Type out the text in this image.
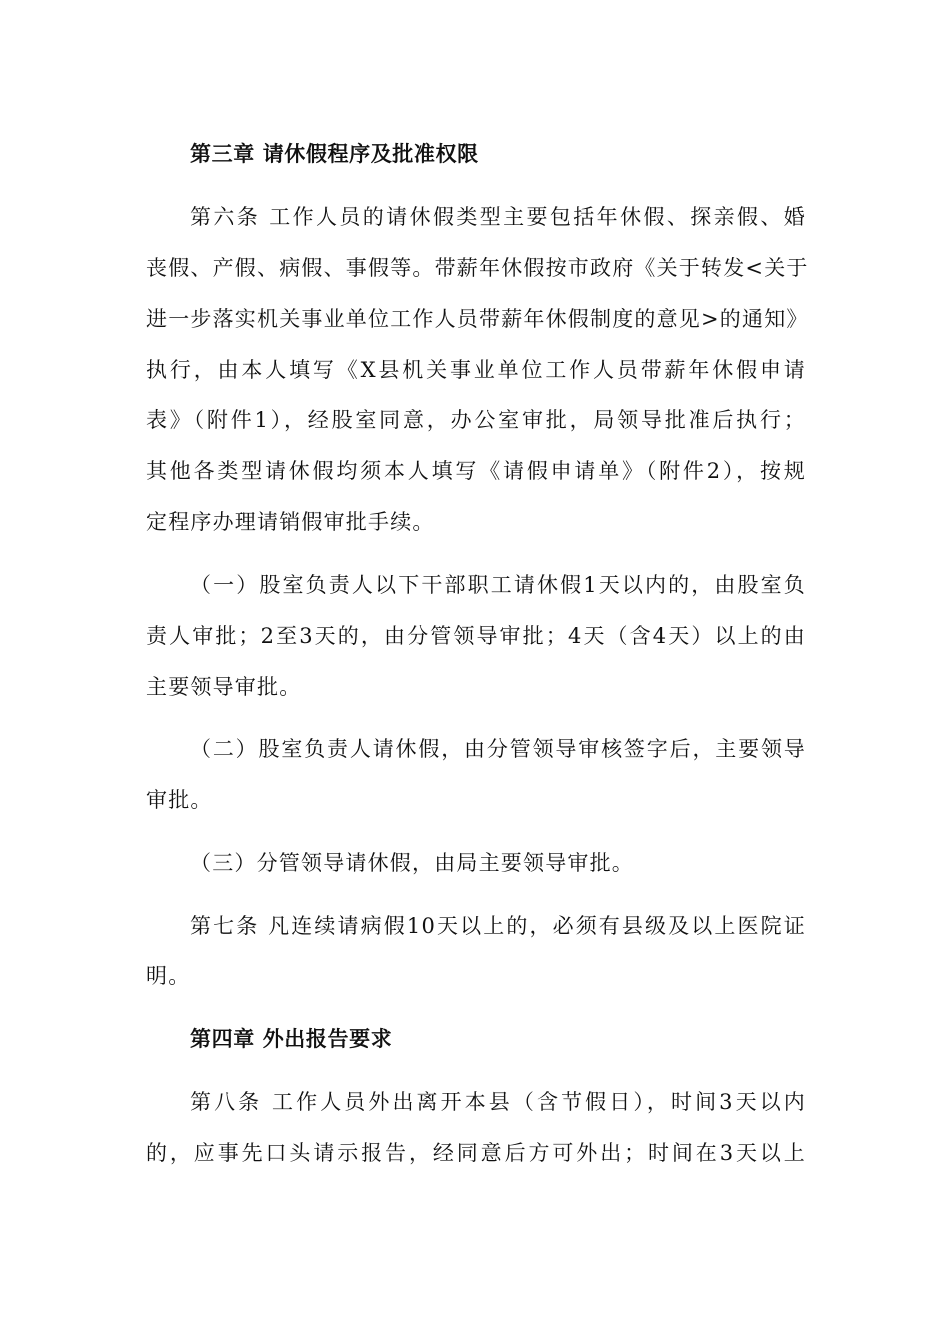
第三章 请休假程序及批准权限
第六条 工作人员的请休假类型主要包括年休假、探亲假、婚
丧假、产假、病假、事假等。带薪年休假按市政府《关于转发<关于
进一步落实机关事业单位工作人员带薪年休假制度的意见>的通知》
执行，由本人填写《X县机关事业单位工作人员带薪年休假申请
表》（附件1），经股室同意，办公室审批，局领导批准后执行；
其他各类型请休假均须本人填写《请假申请单》（附件2），按规
定程序办理请销假审批手续。
（一）股室负责人以下干部职工请休假1天以内的，由股室负
责人审批；2至3天的，由分管领导审批；4天（含4天）以上的由
主要领导审批。
（二）股室负责人请休假，由分管领导审核签字后，主要领导
审批。
（三）分管领导请休假，由局主要领导审批。
第七条 凡连续请病假10天以上的，必须有县级及以上医院证
明。
第四章 外出报告要求
第八条 工作人员外出离开本县（含节假日），时间3天以内
的，应事先口头请示报告，经同意后方可外出；时间在3天以上
